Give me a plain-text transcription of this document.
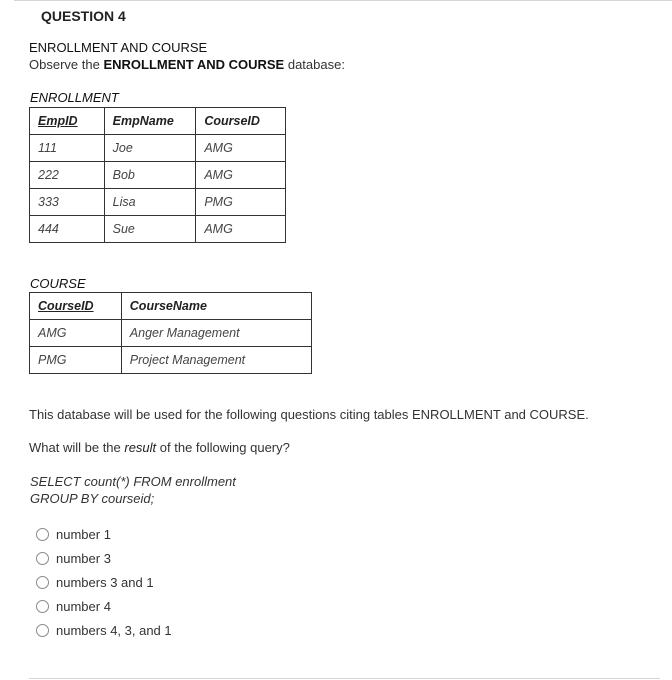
QUESTION 4
ENROLLMENT AND COURSE
Observe the ENROLLMENT AND COURSE database:
ENROLLMENT
EmpID	EmpName	CourseID
111	Joe	AMG
222	Bob	AMG
333	Lisa	PMG
444	Sue	AMG
COURSE
CourseID	CourseName
AMG	Anger Management
PMG	Project Management
This database will be used for the following questions citing tables ENROLLMENT and COURSE.
What will be the result of the following query?
SELECT count(*) FROM enrollment
GROUP BY courseid;
number 1
number 3
numbers 3 and 1
number 4
numbers 4, 3, and 1
